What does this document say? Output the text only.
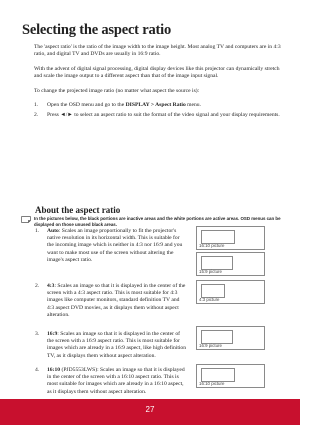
Selecting the aspect ratio
The 'aspect ratio' is the ratio of the image width to the image height. Most analog TV and computers are in 4:3 ratio, and digital TV and DVDs are usually in 16:9 ratio.
With the advent of digital signal processing, digital display devices like this projector can dynamically stretch and scale the image output to a different aspect than that of the image input signal.
To change the projected image ratio (no matter what aspect the source is):
1. Open the OSD menu and go to the DISPLAY > Aspect Ratio menu.
2. Press ◄/► to select an aspect ratio to suit the format of the video signal and your display requirements.
About the aspect ratio
In the pictures below, the black portions are inactive areas and the white portions are active areas. OSD menus can be displayed on those unused black areas.
1. Auto: Scales an image proportionally to fit the projector's native resolution in its horizontal width. This is suitable for the incoming image which is neither in 4:3 nor 16:9 and you want to make most use of the screen without altering the image's aspect ratio.
2. 4:3: Scales an image so that it is displayed in the center of the screen with a 4:3 aspect ratio. This is most suitable for 4:3 images like computer monitors, standard definition TV and 4:3 aspect DVD movies, as it displays them without aspect alteration.
3. 16:9: Scales an image so that it is displayed in the center of the screen with a 16:9 aspect ratio. This is most suitable for images which are already in a 16:9 aspect, like high definition TV, as it displays them without aspect alteration.
4. 16:10 (PJD5553LWS): Scales an image so that it is displayed in the center of the screen with a 16:10 aspect ratio. This is most suitable for images which are already in a 16:10 aspect, as it displays them without aspect alteration.
16:10 picture
15:9 picture
4:3 picture
16:9 picture
16:10 picture
27
